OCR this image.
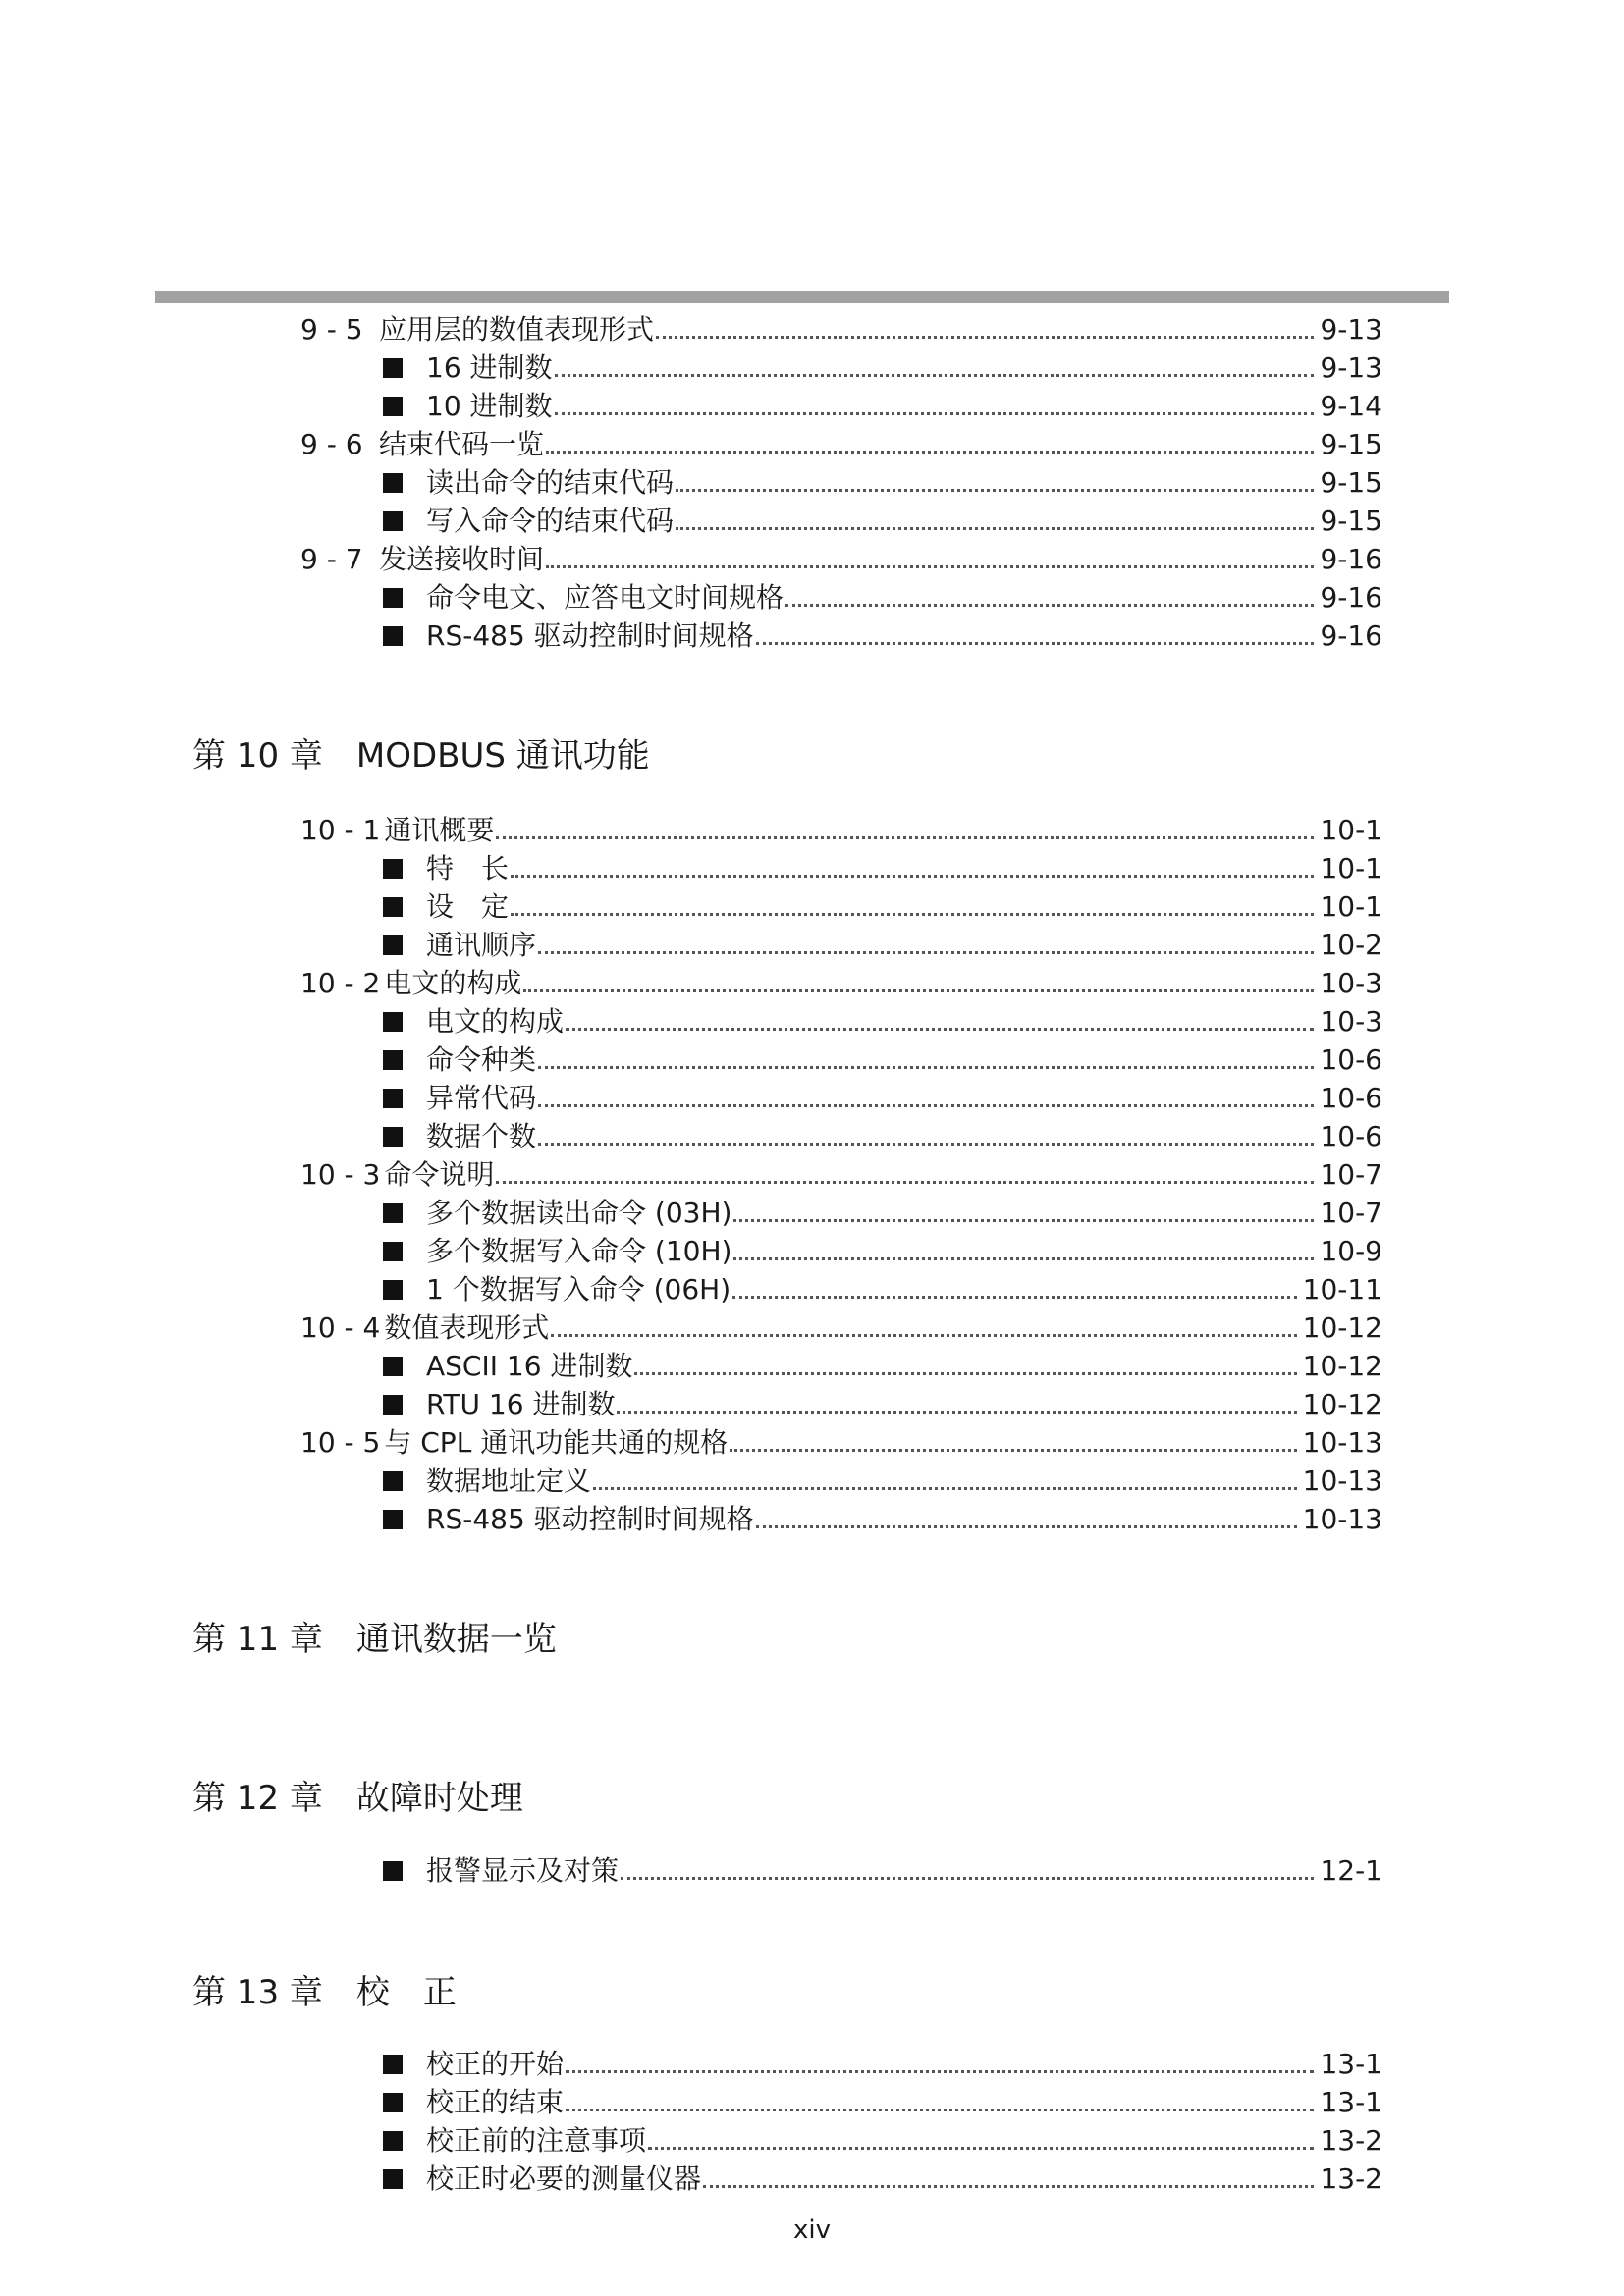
9 - 5 应用层的数值表现形式	9-13
16 进制数	9-13
10 进制数	9-14
9 - 6 结束代码一览	9-15
读出命令的结束代码	9-15
写入命令的结束代码	9-15
9 - 7 发送接收时间	9-16
命令电文、应答电文时间规格	9-16
RS-485 驱动控制时间规格	9-16
第 10 章 MODBUS 通讯功能
10 - 1 通讯概要	10-1
特　长	10-1
设　定	10-1
通讯顺序	10-2
10 - 2 电文的构成	10-3
电文的构成	10-3
命令种类	10-6
异常代码	10-6
数据个数	10-6
10 - 3 命令说明	10-7
多个数据读出命令 (03H)	10-7
多个数据写入命令 (10H)	10-9
1 个数据写入命令 (06H)	10-11
10 - 4 数值表现形式	10-12
ASCII 16 进制数	10-12
RTU 16 进制数	10-12
10 - 5 与 CPL 通讯功能共通的规格	10-13
数据地址定义	10-13
RS-485 驱动控制时间规格	10-13
第 11 章 通讯数据一览
第 12 章 故障时处理
报警显示及对策	12-1
第 13 章 校　正
校正的开始	13-1
校正的结束	13-1
校正前的注意事项	13-2
校正时必要的测量仪器	13-2
xiv
